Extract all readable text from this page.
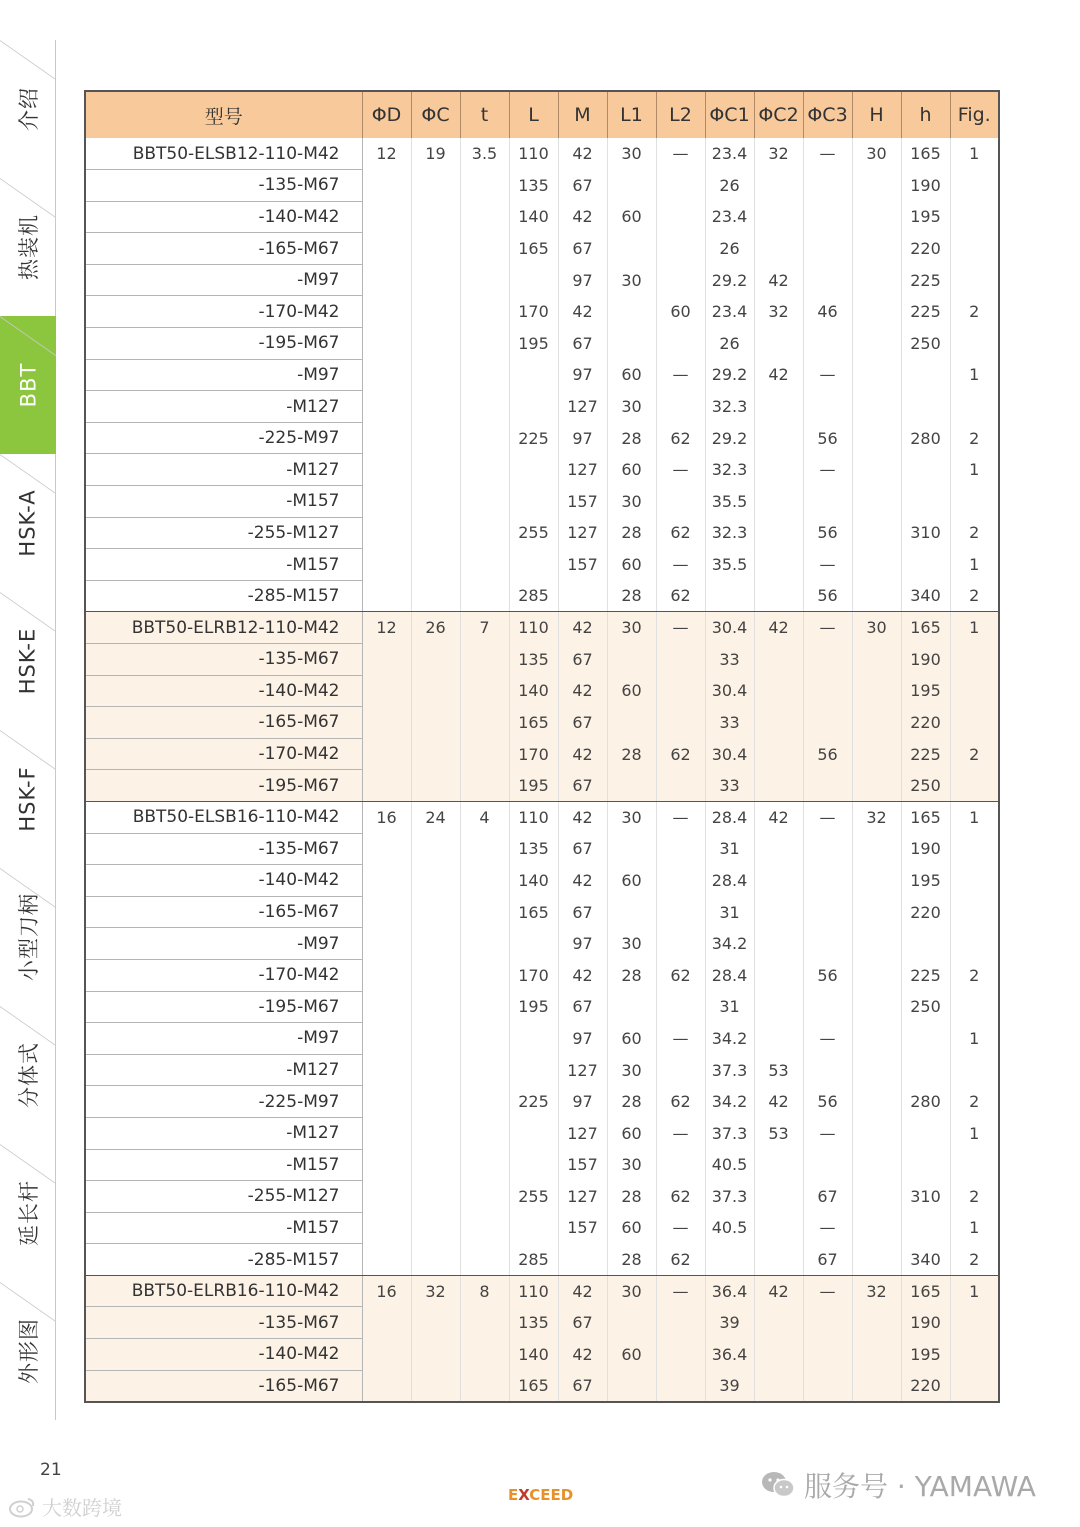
介绍
热装机
BBT
HSK-A
HSK-E
HSK-F
小型刀柄
分体式
延长杆
外形图
型号	ΦD	ΦC	t	L	M	L1	L2	ΦC1	ΦC2	ΦC3	H	h	Fig.
BBT50-ELSB12-110-M42	12	19	3.5	110	42	30	—	23.4	32	—	30	165	1
-135-M67				135	67			26				190	
-140-M42				140	42	60		23.4				195	
-165-M67				165	67			26				220	
-M97					97	30		29.2	42			225	
-170-M42				170	42		60	23.4	32	46		225	2
-195-M67				195	67			26				250	
-M97					97	60	—	29.2	42	—			1
-M127					127	30		32.3					
-225-M97				225	97	28	62	29.2		56		280	2
-M127					127	60	—	32.3		—			1
-M157					157	30		35.5					
-255-M127				255	127	28	62	32.3		56		310	2
-M157					157	60	—	35.5		—			1
-285-M157				285		28	62			56		340	2
BBT50-ELRB12-110-M42	12	26	7	110	42	30	—	30.4	42	—	30	165	1
-135-M67				135	67			33				190	
-140-M42				140	42	60		30.4				195	
-165-M67				165	67			33				220	
-170-M42				170	42	28	62	30.4		56		225	2
-195-M67				195	67			33				250	
BBT50-ELSB16-110-M42	16	24	4	110	42	30	—	28.4	42	—	32	165	1
-135-M67				135	67			31				190	
-140-M42				140	42	60		28.4				195	
-165-M67				165	67			31				220	
-M97					97	30		34.2					
-170-M42				170	42	28	62	28.4		56		225	2
-195-M67				195	67			31				250	
-M97					97	60	—	34.2		—			1
-M127					127	30		37.3	53				
-225-M97				225	97	28	62	34.2	42	56		280	2
-M127					127	60	—	37.3	53	—			1
-M157					157	30		40.5					
-255-M127				255	127	28	62	37.3		67		310	2
-M157					157	60	—	40.5		—			1
-285-M157				285		28	62			67		340	2
BBT50-ELRB16-110-M42	16	32	8	110	42	30	—	36.4	42	—	32	165	1
-135-M67				135	67			39				190	
-140-M42				140	42	60		36.4				195	
-165-M67				165	67			39				220	
21
EXCEED	服务号 · YAMAWA
大数跨境
